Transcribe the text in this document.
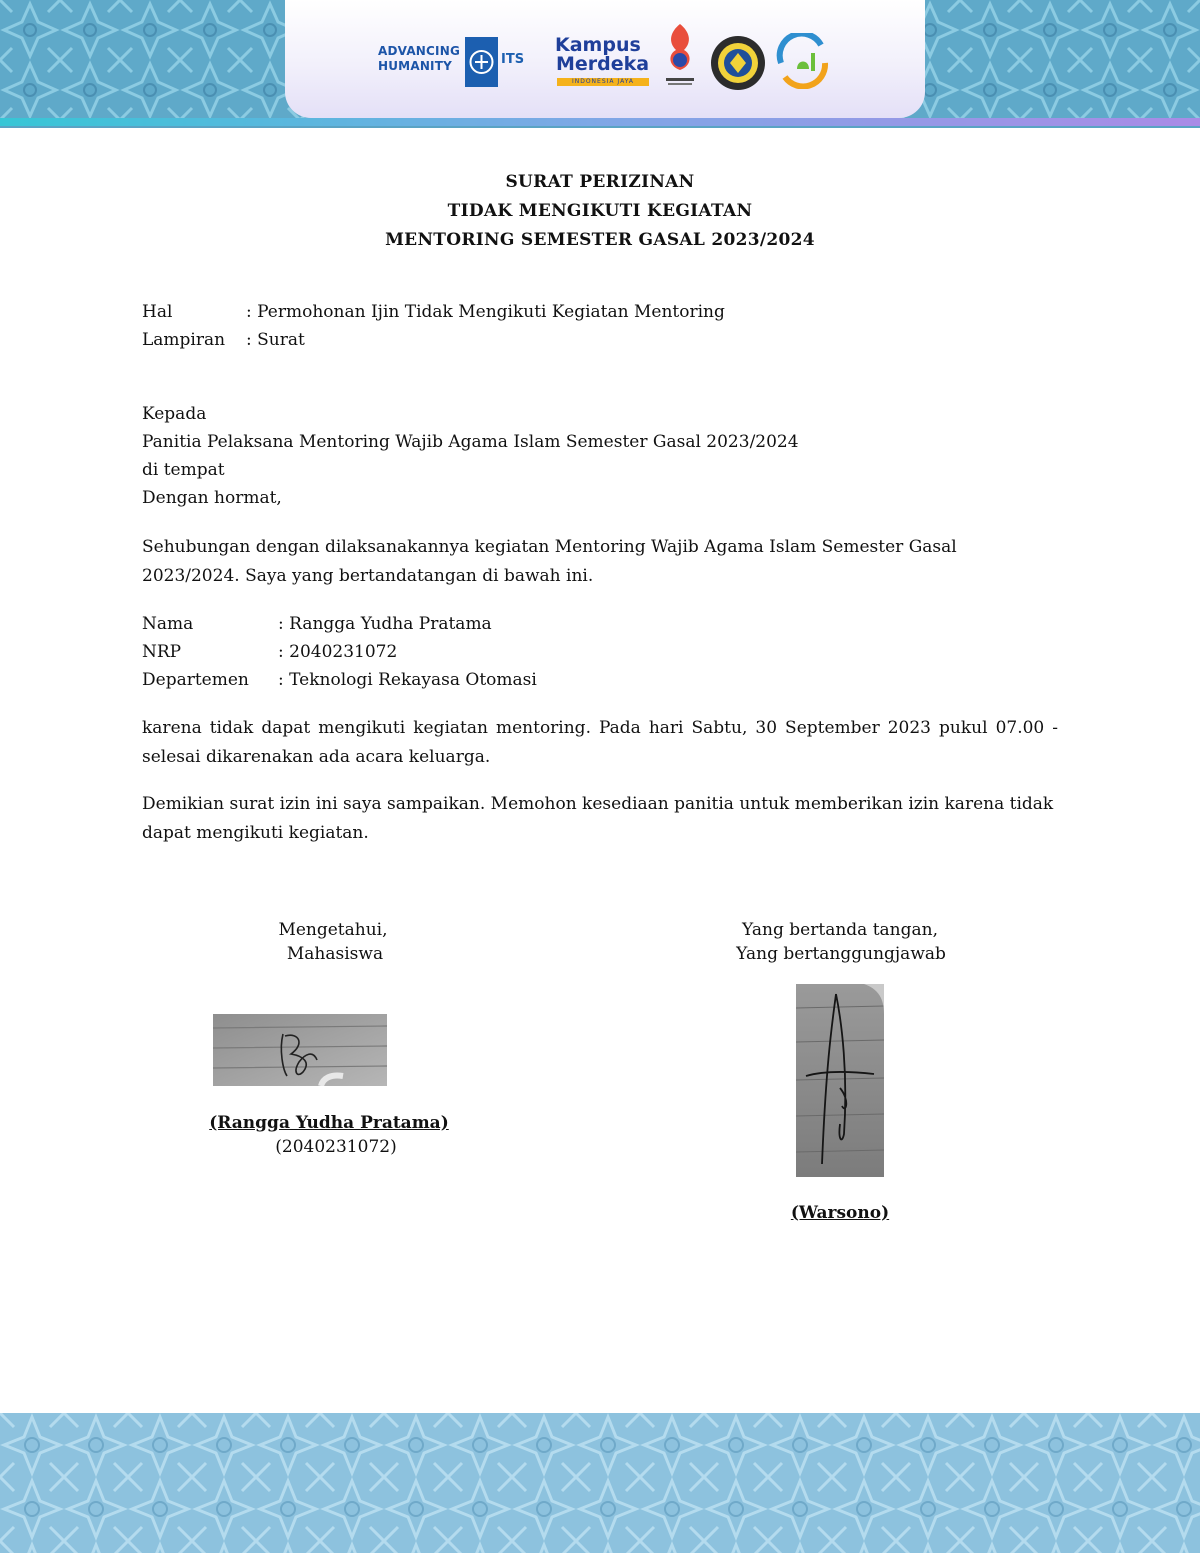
ADVANCING
HUMANITY	ITS
Kampus
Merdeka
INDONESIA JAYA
SURAT PERIZINAN
TIDAK MENGIKUTI KEGIATAN
MENTORING SEMESTER GASAL 2023/2024
Hal	: Permohonan Ijin Tidak Mengikuti Kegiatan Mentoring
Lampiran : Surat
Kepada
Panitia Pelaksana Mentoring Wajib Agama Islam Semester Gasal 2023/2024
di tempat
Dengan hormat,
Sehubungan dengan dilaksanakannya kegiatan Mentoring Wajib Agama Islam Semester Gasal 2023/2024. Saya yang bertandatangan di bawah ini.
Nama	: Rangga Yudha Pratama
NRP	: 2040231072
Departemen : Teknologi Rekayasa Otomasi
karena tidak dapat mengikuti kegiatan mentoring. Pada hari Sabtu, 30 September 2023 pukul 07.00 - selesai dikarenakan ada acara keluarga.
Demikian surat izin ini saya sampaikan. Memohon kesediaan panitia untuk memberikan izin karena tidak dapat mengikuti kegiatan.
Mengetahui,
Mahasiswa
(Rangga Yudha Pratama)
(2040231072)
Yang bertanda tangan,
Yang bertanggungjawab
(Warsono)
